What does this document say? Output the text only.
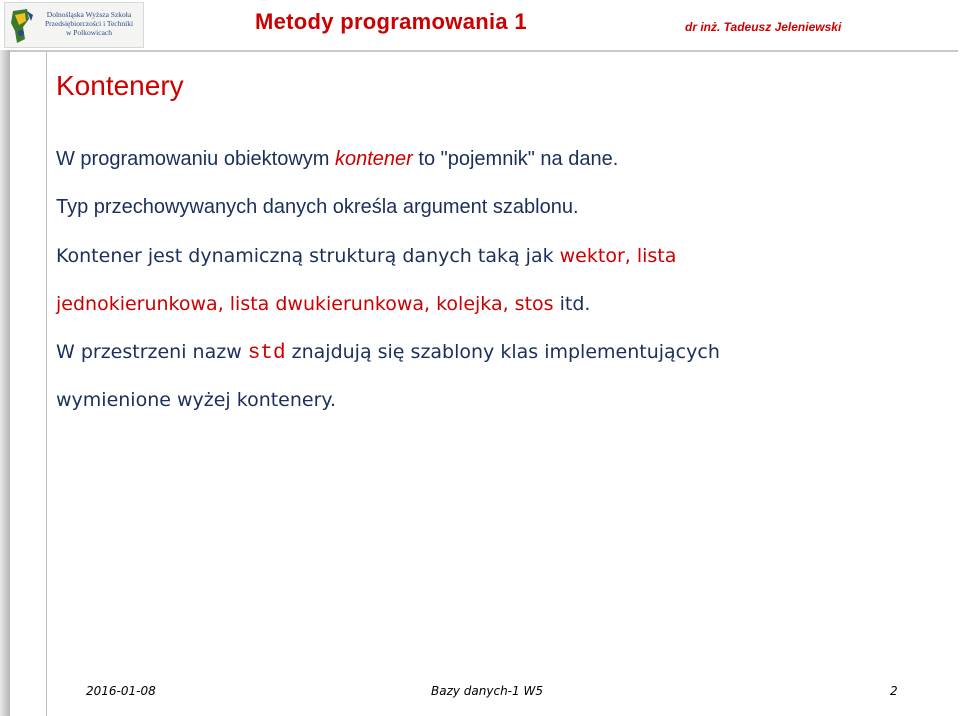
Dolnośląska Wyższa Szkoła
Przedsiębiorczości i Techniki
w Polkowicach	Metody programowania 1	dr inż. Tadeusz Jeleniewski
Kontenery

W programowaniu obiektowym kontener to "pojemnik" na dane.

Typ przechowywanych danych określa argument szablonu.

Kontener jest dynamiczną strukturą danych taką jak wektor, lista

jednokierunkowa, lista dwukierunkowa, kolejka, stos itd.

W przestrzeni nazw std znajdują się szablony klas implementujących

wymienione wyżej kontenery.

2016-01-08	Bazy danych-1 W5	2
